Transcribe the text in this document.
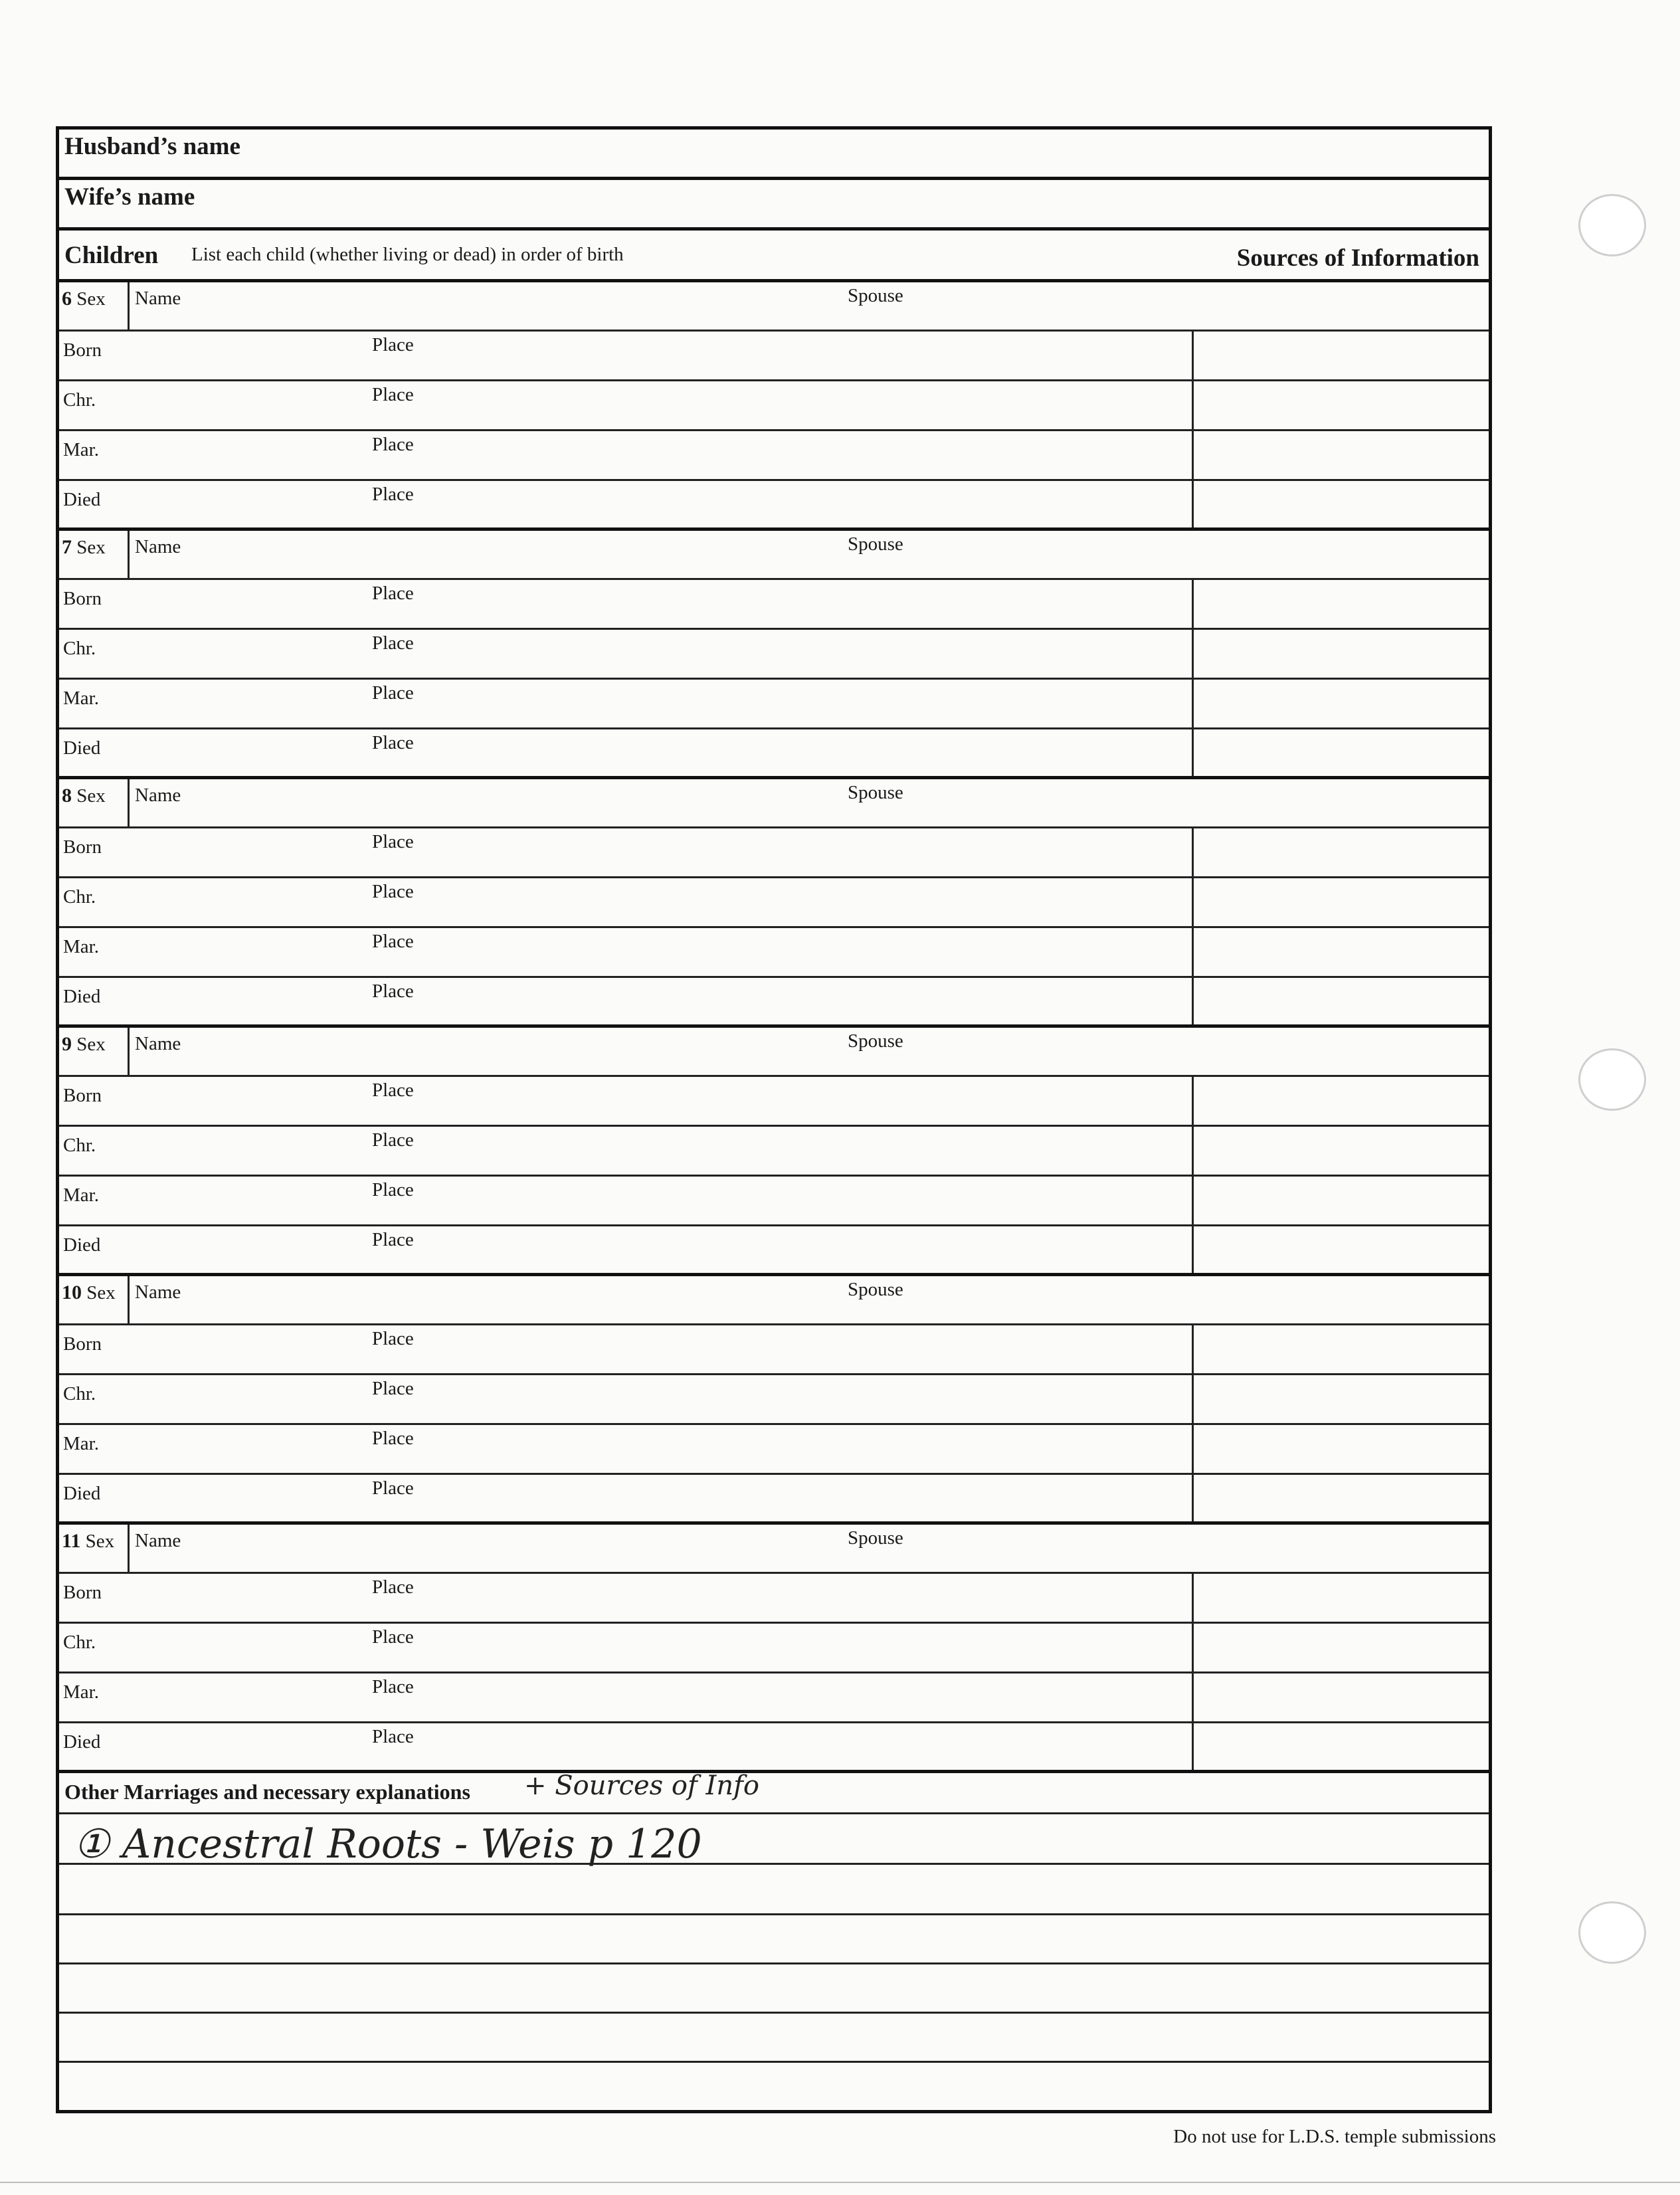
Husband’s name
Wife’s name
Children List each child (whether living or dead) in order of birth	Sources of Information
6 Sex Name	Spouse
Born	Place
Chr.	Place
Mar.	Place
Died	Place
7 Sex Name	Spouse
Born	Place
Chr.	Place
Mar.	Place
Died	Place
8 Sex Name	Spouse
Born	Place
Chr.	Place
Mar.	Place
Died	Place
9 Sex Name	Spouse
Born	Place
Chr.	Place
Mar.	Place
Died	Place
10 Sex Name	Spouse
Born	Place
Chr.	Place
Mar.	Place
Died	Place
11 Sex Name	Spouse
Born	Place
Chr.	Place
Mar.	Place
Died	Place
Other Marriages and necessary explanations + Sources of Info
① Ancestral Roots - Weis p 120
Do not use for L.D.S. temple submissions
